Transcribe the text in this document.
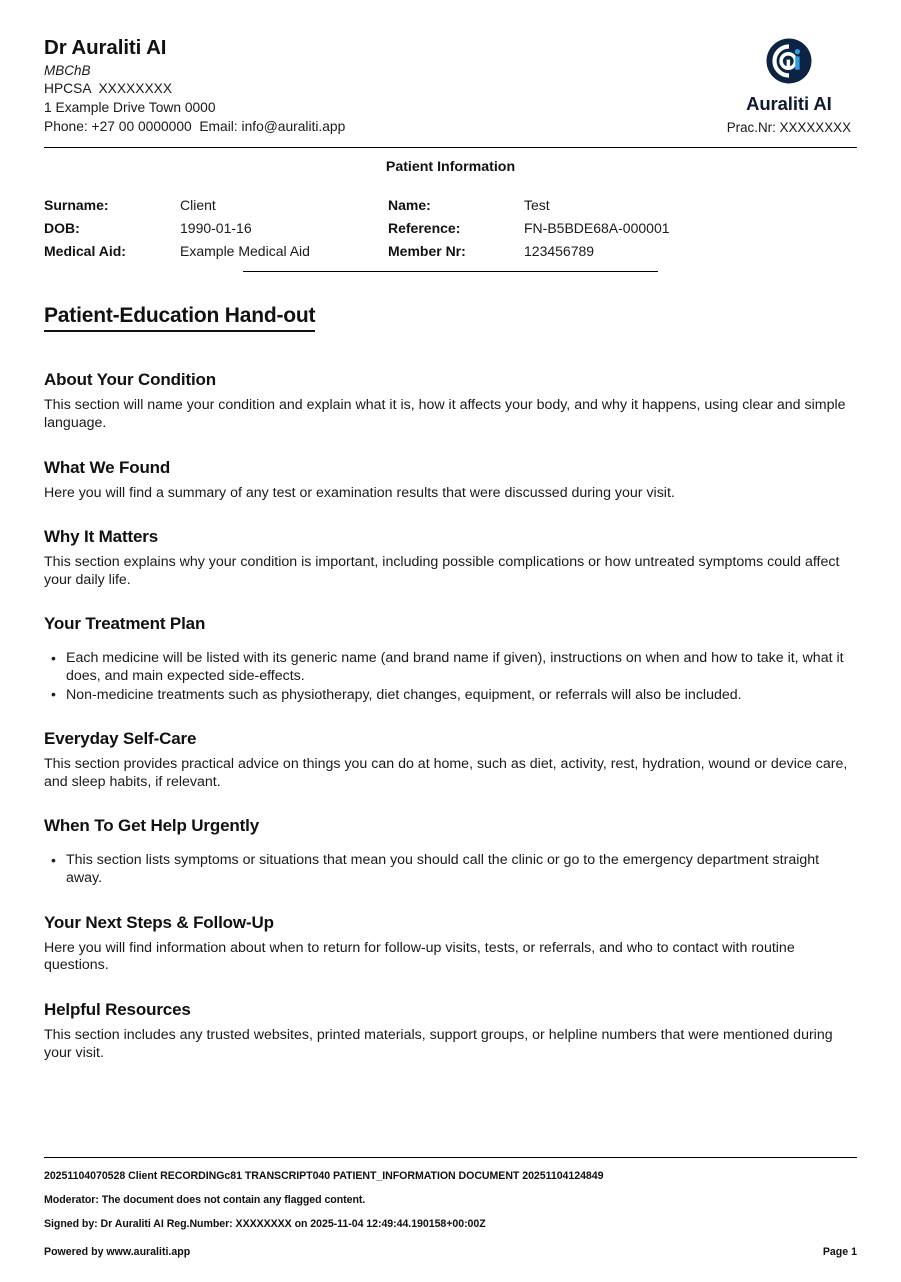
Dr Auraliti AI
MBChB
HPCSA  XXXXXXXX
1 Example Drive Town 0000
Phone: +27 00 0000000  Email: info@auraliti.app
Auraliti AI
Prac.Nr: XXXXXXXX
Patient Information
Surname:	Client	Name:	Test
DOB:	1990-01-16	Reference:	FN-B5BDE68A-000001
Medical Aid:	Example Medical Aid	Member Nr:	123456789
Patient-Education Hand-out
About Your Condition

This section will name your condition and explain what it is, how it affects your body, and why it happens, using clear and simple language.

What We Found

Here you will find a summary of any test or examination results that were discussed during your visit.

Why It Matters

This section explains why your condition is important, including possible complications or how untreated symptoms could affect your daily life.

Your Treatment Plan
• Each medicine will be listed with its generic name (and brand name if given), instructions on when and how to take it, what it does, and main expected side-effects.
• Non-medicine treatments such as physiotherapy, diet changes, equipment, or referrals will also be included.
Everyday Self-Care

This section provides practical advice on things you can do at home, such as diet, activity, rest, hydration, wound or device care, and sleep habits, if relevant.

When To Get Help Urgently
• This section lists symptoms or situations that mean you should call the clinic or go to the emergency department straight away.
Your Next Steps & Follow-Up

Here you will find information about when to return for follow-up visits, tests, or referrals, and who to contact with routine questions.

Helpful Resources

This section includes any trusted websites, printed materials, support groups, or helpline numbers that were mentioned during your visit.

20251104070528 Client RECORDINGc81 TRANSCRIPT040 PATIENT_INFORMATION DOCUMENT 20251104124849
Moderator: The document does not contain any flagged content.
Signed by: Dr Auraliti AI Reg.Number: XXXXXXXX on 2025-11-04 12:49:44.190158+00:00Z
Powered by www.auraliti.app	Page 1
